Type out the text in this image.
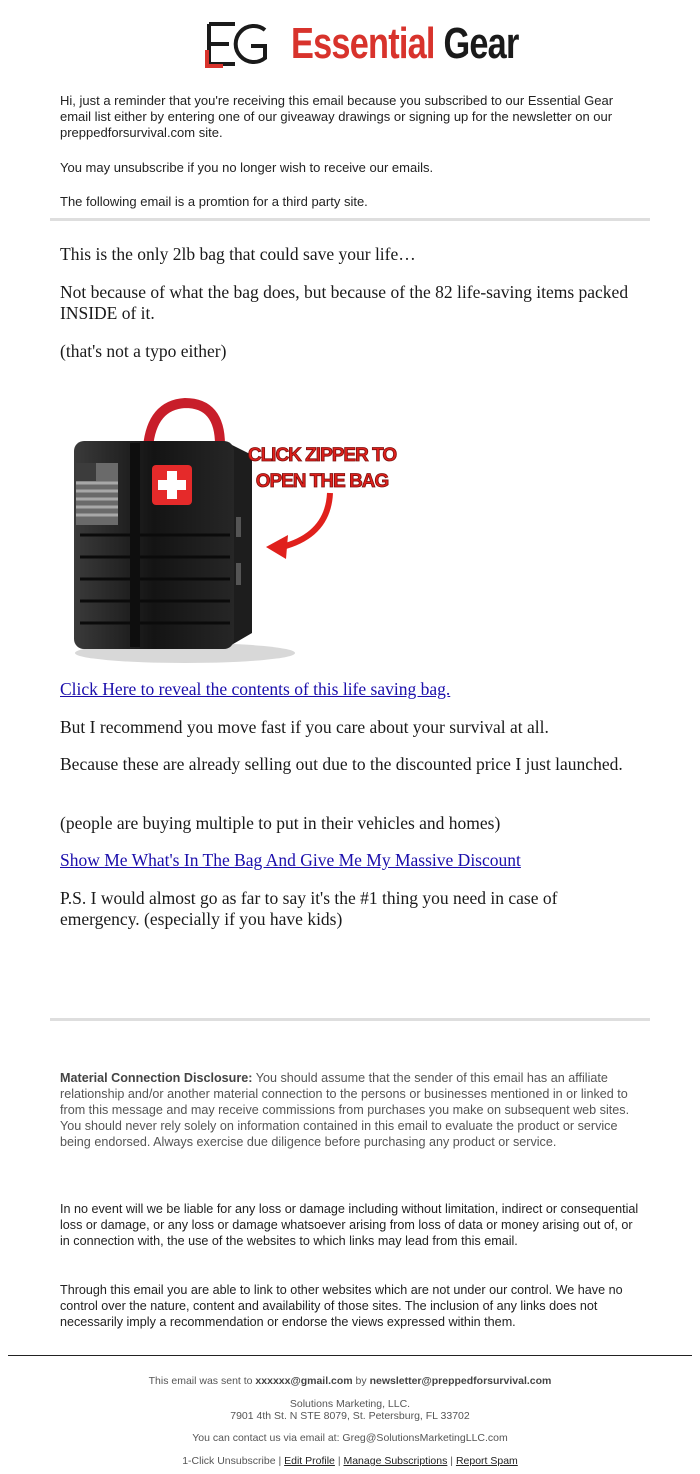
Essential Gear
Hi, just a reminder that you're receiving this email because you subscribed to our Essential Gear email list either by entering one of our giveaway drawings or signing up for the newsletter on our preppedforsurvival.com site.
You may unsubscribe if you no longer wish to receive our emails.
The following email is a promtion for a third party site.
This is the only 2lb bag that could save your life…
Not because of what the bag does, but because of the 82 life-saving items packed INSIDE of it.
(that's not a typo either)
CLICK ZIPPER TO
OPEN THE BAG
Click Here to reveal the contents of this life saving bag.
But I recommend you move fast if you care about your survival at all.
Because these are already selling out due to the discounted price I just launched.
(people are buying multiple to put in their vehicles and homes)
Show Me What's In The Bag And Give Me My Massive Discount
P.S. I would almost go as far to say it's the #1 thing you need in case of emergency. (especially if you have kids)
Material Connection Disclosure: You should assume that the sender of this email has an affiliate relationship and/or another material connection to the persons or businesses mentioned in or linked to from this message and may receive commissions from purchases you make on subsequent web sites. You should never rely solely on information contained in this email to evaluate the product or service being endorsed. Always exercise due diligence before purchasing any product or service.
In no event will we be liable for any loss or damage including without limitation, indirect or consequential loss or damage, or any loss or damage whatsoever arising from loss of data or money arising out of, or in connection with, the use of the websites to which links may lead from this email.
Through this email you are able to link to other websites which are not under our control. We have no control over the nature, content and availability of those sites. The inclusion of any links does not necessarily imply a recommendation or endorse the views expressed within them.
This email was sent to xxxxxx@gmail.com by newsletter@preppedforsurvival.com
Solutions Marketing, LLC.
7901 4th St. N STE 8079, St. Petersburg, FL 33702
You can contact us via email at: Greg@SolutionsMarketingLLC.com
1-Click Unsubscribe | Edit Profile | Manage Subscriptions | Report Spam
